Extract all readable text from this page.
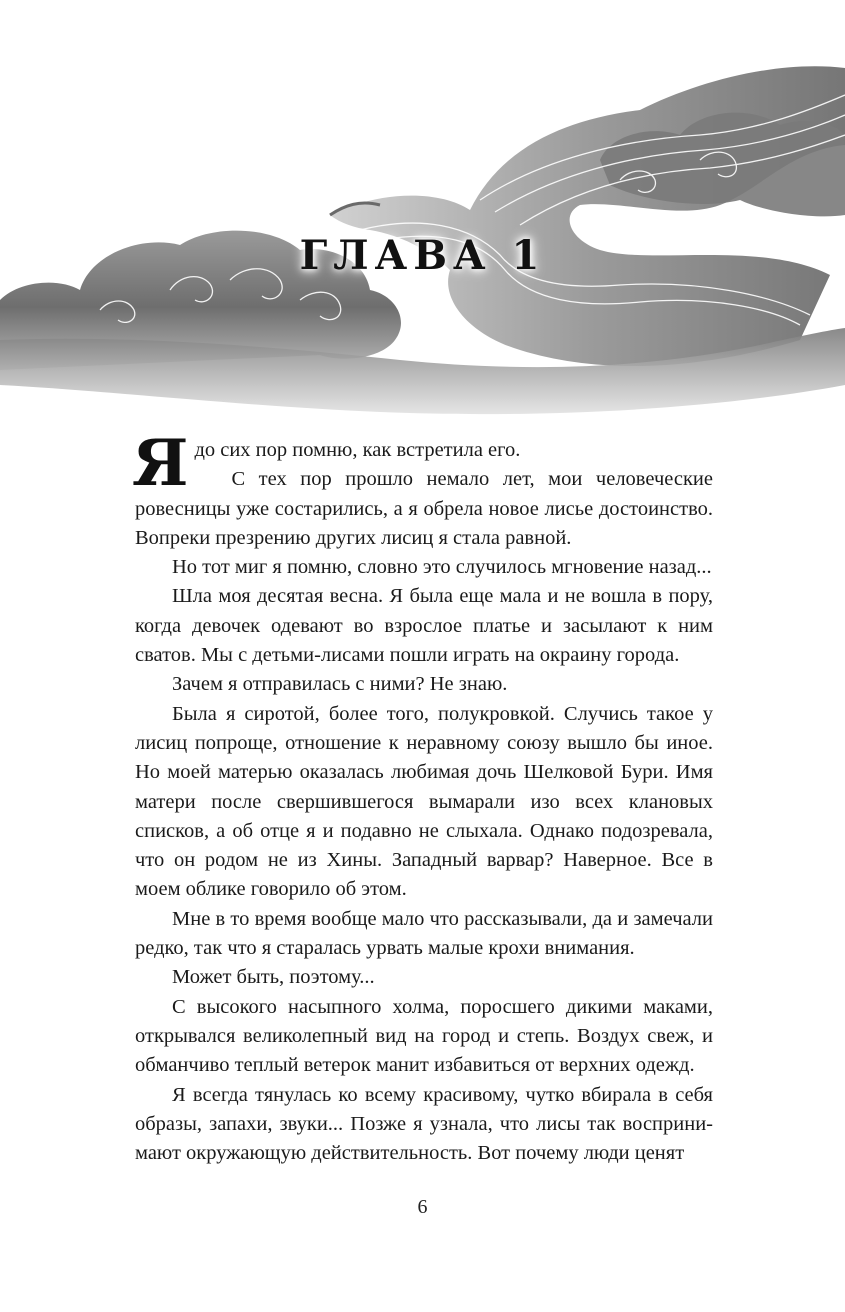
ГЛАВА 1

Ядо сих пор помню, как встретила его.

С тех пор прошло немало лет, мои человеческие ровесницы уже состарились, а я обрела новое лисье достоинство. Вопреки презрению других лисиц я стала равной.

Но тот миг я помню, словно это случилось мгновение назад...

Шла моя десятая весна. Я была еще мала и не вошла в пору, когда девочек одевают во взрослое платье и засылают к ним сватов. Мы с детьми-лисами пошли играть на окраину города.

Зачем я отправилась с ними? Не знаю.

Была я сиротой, более того, полукровкой. Случись такое у лисиц попроще, отношение к неравному союзу вышло бы иное. Но моей матерью оказалась любимая дочь Шелковой Бури. Имя матери после свершившегося вымарали изо всех клановых списков, а об отце я и подавно не слыхала. Однако подозревала, что он родом не из Хины. Западный варвар? Наверное. Все в моем облике говорило об этом.

Мне в то время вообще мало что рассказывали, да и замечали редко, так что я старалась урвать малые крохи внимания.

Может быть, поэтому...

С высокого насыпного холма, поросшего дикими маками, открывался великолепный вид на город и степь. Воздух свеж, и обманчиво теплый ветерок манит избавиться от верхних одежд.

Я всегда тянулась ко всему красивому, чутко вбирала в себя образы, запахи, звуки... Позже я узнала, что лисы так воспринимают окружающую действительность. Вот почему люди ценят

6
